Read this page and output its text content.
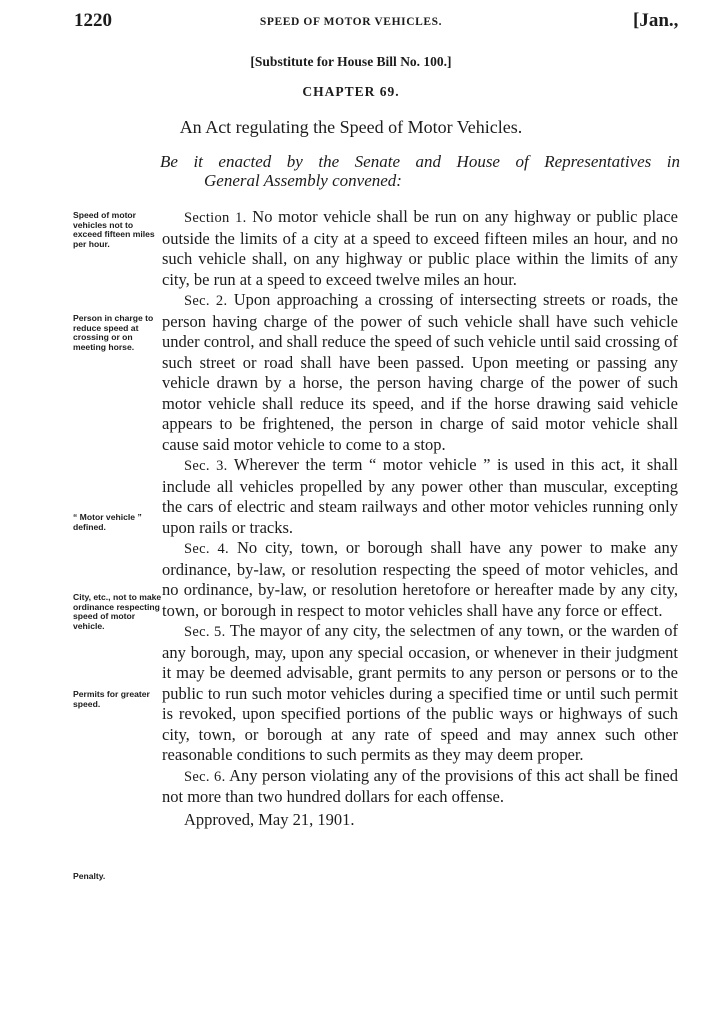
1220	SPEED OF MOTOR VEHICLES.	[Jan.,
[Substitute for House Bill No. 100.]
CHAPTER 69.
An Act regulating the Speed of Motor Vehicles.
Be it enacted by the Senate and House of Representatives in
General Assembly convened:
Speed of motor vehicles not to exceed fifteen miles per hour.
Person in charge to reduce speed at crossing or on meeting horse.
“ Motor vehicle ” defined.
City, etc., not to make ordinance respecting speed of motor vehicle.
Permits for greater speed.
Penalty.

Section 1. No motor vehicle shall be run on any highway or public place outside the limits of a city at a speed to exceed fifteen miles an hour, and no such vehicle shall, on any highway or public place within the limits of any city, be run at a speed to exceed twelve miles an hour.

Sec. 2. Upon approaching a crossing of intersecting streets or roads, the person having charge of the power of such vehicle shall have such vehicle under control, and shall reduce the speed of such vehicle until said crossing of such street or road shall have been passed. Upon meeting or passing any vehicle drawn by a horse, the person having charge of the power of such motor vehicle shall reduce its speed, and if the horse drawing said vehicle appears to be frightened, the person in charge of said motor vehicle shall cause said motor vehicle to come to a stop.

Sec. 3. Wherever the term “ motor vehicle ” is used in this act, it shall include all vehicles propelled by any power other than muscular, excepting the cars of electric and steam railways and other motor vehicles running only upon rails or tracks.

Sec. 4. No city, town, or borough shall have any power to make any ordinance, by-law, or resolution respecting the speed of motor vehicles, and no ordinance, by-law, or resolution heretofore or hereafter made by any city, town, or borough in respect to motor vehicles shall have any force or effect.

Sec. 5. The mayor of any city, the selectmen of any town, or the warden of any borough, may, upon any special occasion, or whenever in their judgment it may be deemed advisable, grant permits to any person or persons or to the public to run such motor vehicles during a specified time or until such permit is revoked, upon specified portions of the public ways or highways of such city, town, or borough at any rate of speed and may annex such other reasonable conditions to such permits as they may deem proper.

Sec. 6. Any person violating any of the provisions of this act shall be fined not more than two hundred dollars for each offense.

Approved, May 21, 1901.
